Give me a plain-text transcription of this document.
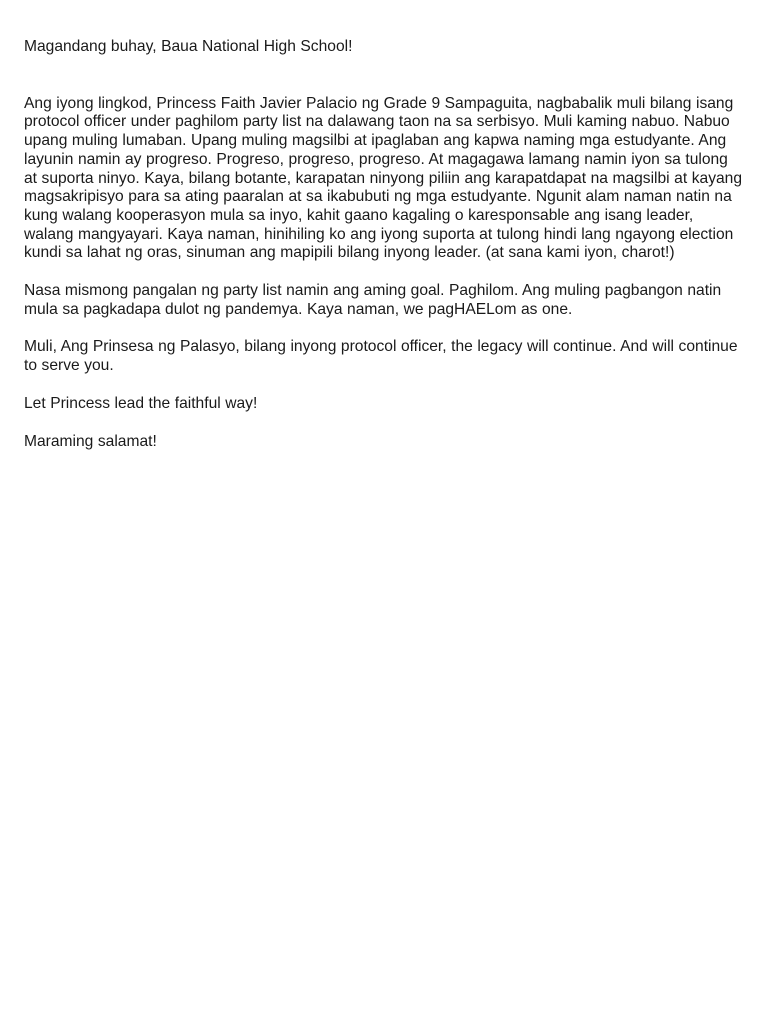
Magandang buhay, Baua National High School!

Ang iyong lingkod, Princess Faith Javier Palacio ng Grade 9 Sampaguita, nagbabalik muli bilang isang protocol officer under paghilom party list na dalawang taon na sa serbisyo. Muli kaming nabuo. Nabuo upang muling lumaban. Upang muling magsilbi at ipaglaban ang kapwa naming mga estudyante. Ang layunin namin ay progreso. Progreso, progreso, progreso. At magagawa lamang namin iyon sa tulong at suporta ninyo. Kaya, bilang botante, karapatan ninyong piliin ang karapatdapat na magsilbi at kayang magsakripisyo para sa ating paaralan at sa ikabubuti ng mga estudyante. Ngunit alam naman natin na kung walang kooperasyon mula sa inyo, kahit gaano kagaling o karesponsable ang isang leader, walang mangyayari. Kaya naman, hinihiling ko ang iyong suporta at tulong hindi lang ngayong election kundi sa lahat ng oras, sinuman ang mapipili bilang inyong leader. (at sana kami iyon, charot!)

Nasa mismong pangalan ng party list namin ang aming goal. Paghilom. Ang muling pagbangon natin mula sa pagkadapa dulot ng pandemya. Kaya naman, we pagHAELom as one.

Muli, Ang Prinsesa ng Palasyo, bilang inyong protocol officer, the legacy will continue. And will continue to serve you.

Let Princess lead the faithful way!

Maraming salamat!
